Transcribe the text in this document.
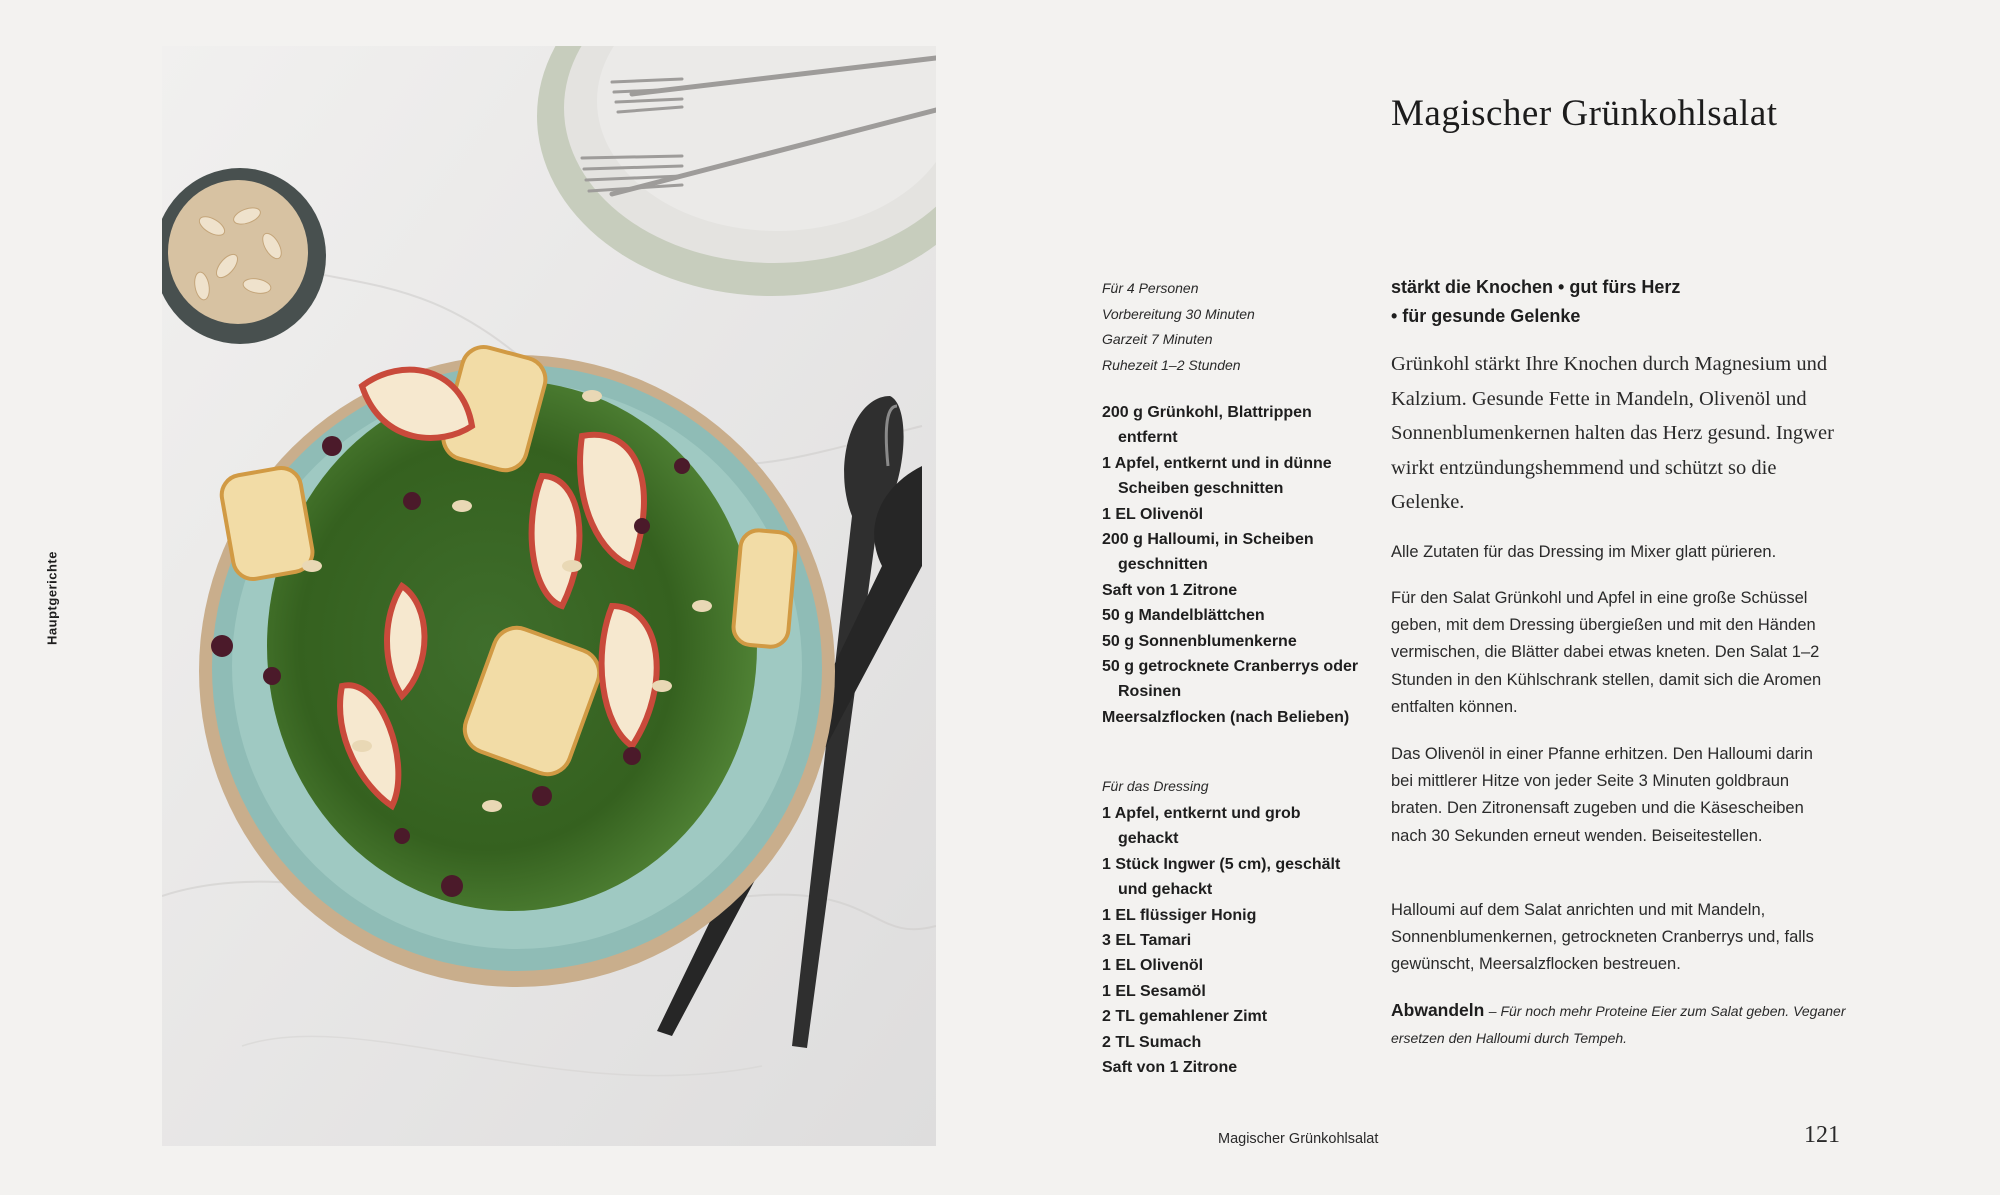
Hauptgerichte
Magischer Grünkohlsalat
Für 4 Personen
Vorbereitung 30 Minuten
Garzeit 7 Minuten
Ruhezeit 1–2 Stunden
200 g Grünkohl, Blattrippen entfernt
1 Apfel, entkernt und in dünne Scheiben geschnitten
1 EL Olivenöl
200 g Halloumi, in Scheiben geschnitten
Saft von 1 Zitrone
50 g Mandelblättchen
50 g Sonnenblumenkerne
50 g getrocknete Cranberrys oder Rosinen
Meersalzflocken (nach Belieben)
Für das Dressing
1 Apfel, entkernt und grob gehackt
1 Stück Ingwer (5 cm), geschält und gehackt
1 EL flüssiger Honig
3 EL Tamari
1 EL Olivenöl
1 EL Sesamöl
2 TL gemahlener Zimt
2 TL Sumach
Saft von 1 Zitrone
stärkt die Knochen • gut fürs Herz
• für gesunde Gelenke
Grünkohl stärkt Ihre Knochen durch Magnesium und Kalzium. Gesunde Fette in Mandeln, Olivenöl und Sonnenblumenkernen halten das Herz gesund. Ingwer wirkt entzündungshemmend und schützt so die Gelenke.
Alle Zutaten für das Dressing im Mixer glatt pürieren.
Für den Salat Grünkohl und Apfel in eine große Schüssel geben, mit dem Dressing übergießen und mit den Händen vermischen, die Blätter dabei etwas kneten. Den Salat 1–2 Stunden in den Kühlschrank stellen, damit sich die Aromen entfalten können.
Das Olivenöl in einer Pfanne erhitzen. Den Halloumi darin bei mittlerer Hitze von jeder Seite 3 Minuten goldbraun braten. Den Zitronensaft zugeben und die Käsescheiben nach 30 Sekunden erneut wenden. Beiseitestellen.
Halloumi auf dem Salat anrichten und mit Mandeln, Sonnenblumenkernen, getrockneten Cranberrys und, falls gewünscht, Meersalzflocken bestreuen.
Abwandeln – Für noch mehr Proteine Eier zum Salat geben. Veganer ersetzen den Halloumi durch Tempeh.
Magischer Grünkohlsalat	121
